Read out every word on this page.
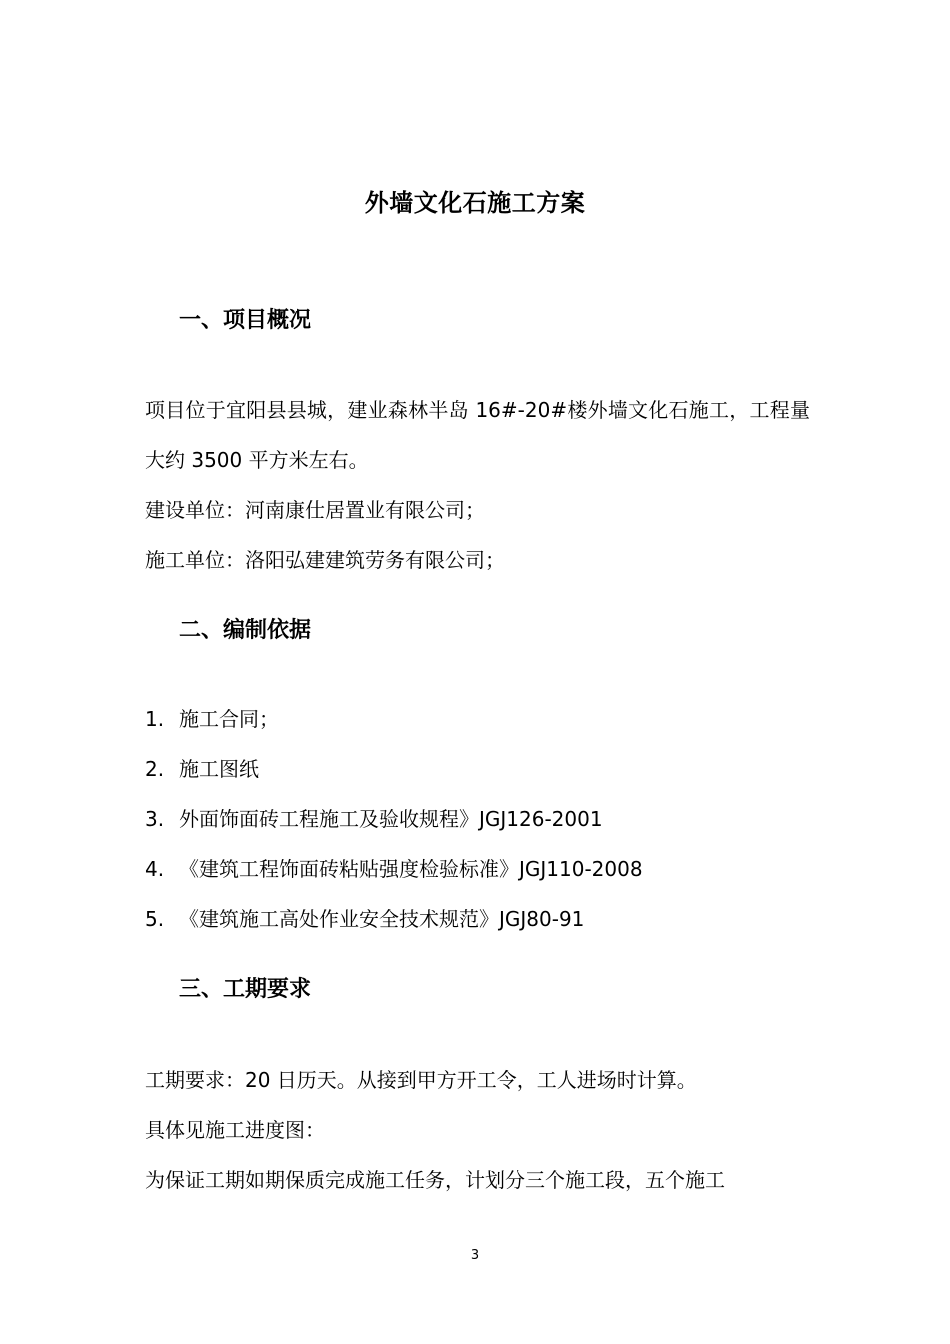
外墙文化石施工方案
一、项目概况
项目位于宜阳县县城，建业森林半岛 16#-20#楼外墙文化石施工，工程量大约 3500 平方米左右。
建设单位：河南康仕居置业有限公司；
施工单位：洛阳弘建建筑劳务有限公司；
二、编制依据
1. 施工合同；
2. 施工图纸
3. 外面饰面砖工程施工及验收规程》JGJ126-2001
4. 《建筑工程饰面砖粘贴强度检验标准》JGJ110-2008
5. 《建筑施工高处作业安全技术规范》JGJ80-91
三、工期要求
工期要求：20 日历天。从接到甲方开工令，工人进场时计算。
具体见施工进度图：
为保证工期如期保质完成施工任务，计划分三个施工段，五个施工
3
